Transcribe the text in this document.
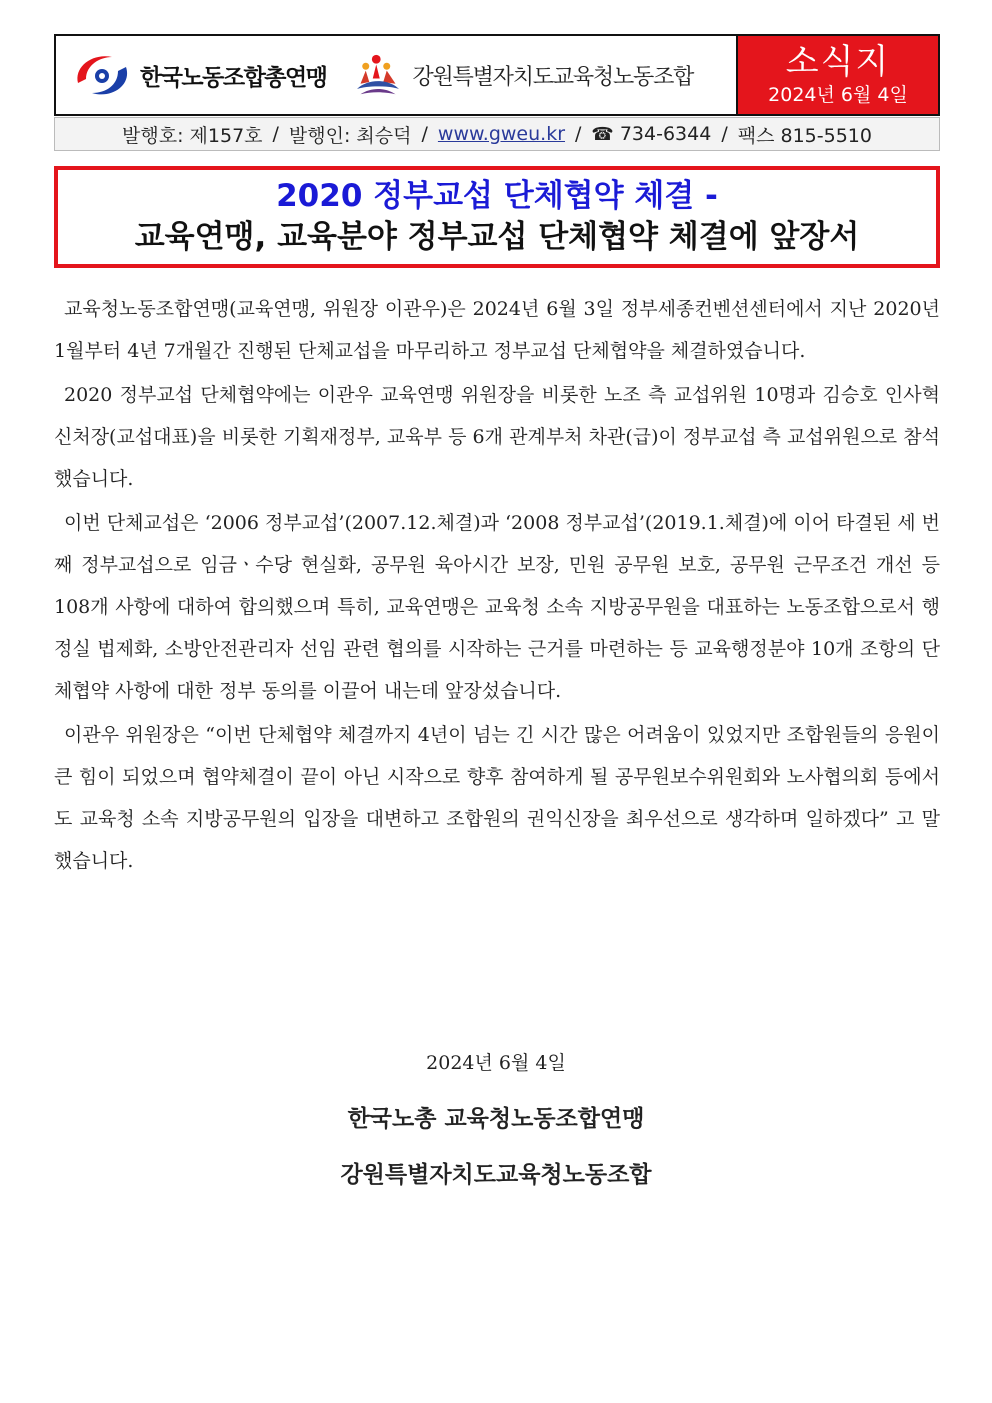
한국노동조합총연맹	강원특별자치도교육청노동조합	소식지
2024년 6월 4일
발행호: 제157호 / 발행인: 최승덕 / www.gweu.kr / ☎ 734-6344 / 팩스 815-5510
2020 정부교섭 단체협약 체결 -
교육연맹, 교육분야 정부교섭 단체협약 체결에 앞장서

교육청노동조합연맹(교육연맹, 위원장 이관우)은 2024년 6월 3일 정부세종컨벤션센터에서 지난 2020년 1월부터 4년 7개월간 진행된 단체교섭을 마무리하고 정부교섭 단체협약을 체결하였습니다.

2020 정부교섭 단체협약에는 이관우 교육연맹 위원장을 비롯한 노조 측 교섭위원 10명과 김승호 인사혁신처장(교섭대표)을 비롯한 기획재정부, 교육부 등 6개 관계부처 차관(급)이 정부교섭 측 교섭위원으로 참석했습니다.

이번 단체교섭은 ‘2006 정부교섭’(2007.12.체결)과 ‘2008 정부교섭’(2019.1.체결)에 이어 타결된 세 번째 정부교섭으로 임금ㆍ수당 현실화, 공무원 육아시간 보장, 민원 공무원 보호, 공무원 근무조건 개선 등 108개 사항에 대하여 합의했으며 특히, 교육연맹은 교육청 소속 지방공무원을 대표하는 노동조합으로서 행정실 법제화, 소방안전관리자 선임 관련 협의를 시작하는 근거를 마련하는 등 교육행정분야 10개 조항의 단체협약 사항에 대한 정부 동의를 이끌어 내는데 앞장섰습니다.

이관우 위원장은 “이번 단체협약 체결까지 4년이 넘는 긴 시간 많은 어려움이 있었지만 조합원들의 응원이 큰 힘이 되었으며 협약체결이 끝이 아닌 시작으로 향후 참여하게 될 공무원보수위원회와 노사협의회 등에서도 교육청 소속 지방공무원의 입장을 대변하고 조합원의 권익신장을 최우선으로 생각하며 일하겠다” 고 말했습니다.

2024년 6월 4일
한국노총 교육청노동조합연맹
강원특별자치도교육청노동조합
